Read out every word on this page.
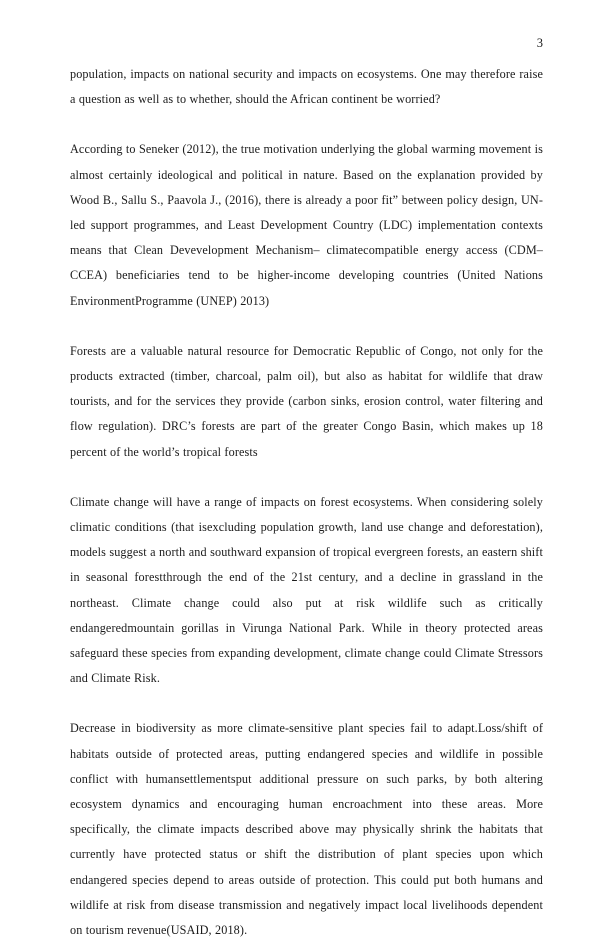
3

population, impacts on national security and impacts on ecosystems. One may therefore raise a question as well as to whether, should the African continent be worried?

According to Seneker (2012), the true motivation underlying the global warming movement is almost certainly ideological and political in nature. Based on the explanation provided by Wood B., Sallu S., Paavola J., (2016), there is already a poor fit” between policy design, UN-led support programmes, and Least Development Country (LDC) implementation contexts means that Clean Devevelopment Mechanism– climatecompatible energy access (CDM–CCEA) beneficiaries tend to be higher-income developing countries (United Nations EnvironmentProgramme (UNEP) 2013)

Forests are a valuable natural resource for Democratic Republic of Congo, not only for the products extracted (timber, charcoal, palm oil), but also as habitat for wildlife that draw tourists, and for the services they provide (carbon sinks, erosion control, water filtering and flow regulation). DRC’s forests are part of the greater Congo Basin, which makes up 18 percent of the world’s tropical forests

Climate change will have a range of impacts on forest ecosystems. When considering solely climatic conditions (that isexcluding population growth, land use change and deforestation), models suggest a north and southward expansion of tropical evergreen forests, an eastern shift in seasonal forestthrough the end of the 21st century, and a decline in grassland in the northeast. Climate change could also put at risk wildlife such as critically endangeredmountain gorillas in Virunga National Park. While in theory protected areas safeguard these species from expanding development, climate change could Climate Stressors and Climate Risk.

Decrease in biodiversity as more climate-sensitive plant species fail to adapt.Loss/shift of habitats outside of protected areas, putting endangered species and wildlife in possible conflict with humansettlementsput additional pressure on such parks, by both altering ecosystem dynamics and encouraging human encroachment into these areas. More specifically, the climate impacts described above may physically shrink the habitats that currently have protected status or shift the distribution of plant species upon which endangered species depend to areas outside of protection. This could put both humans and wildlife at risk from disease transmission and negatively impact local livelihoods dependent on tourism revenue(USAID, 2018).
